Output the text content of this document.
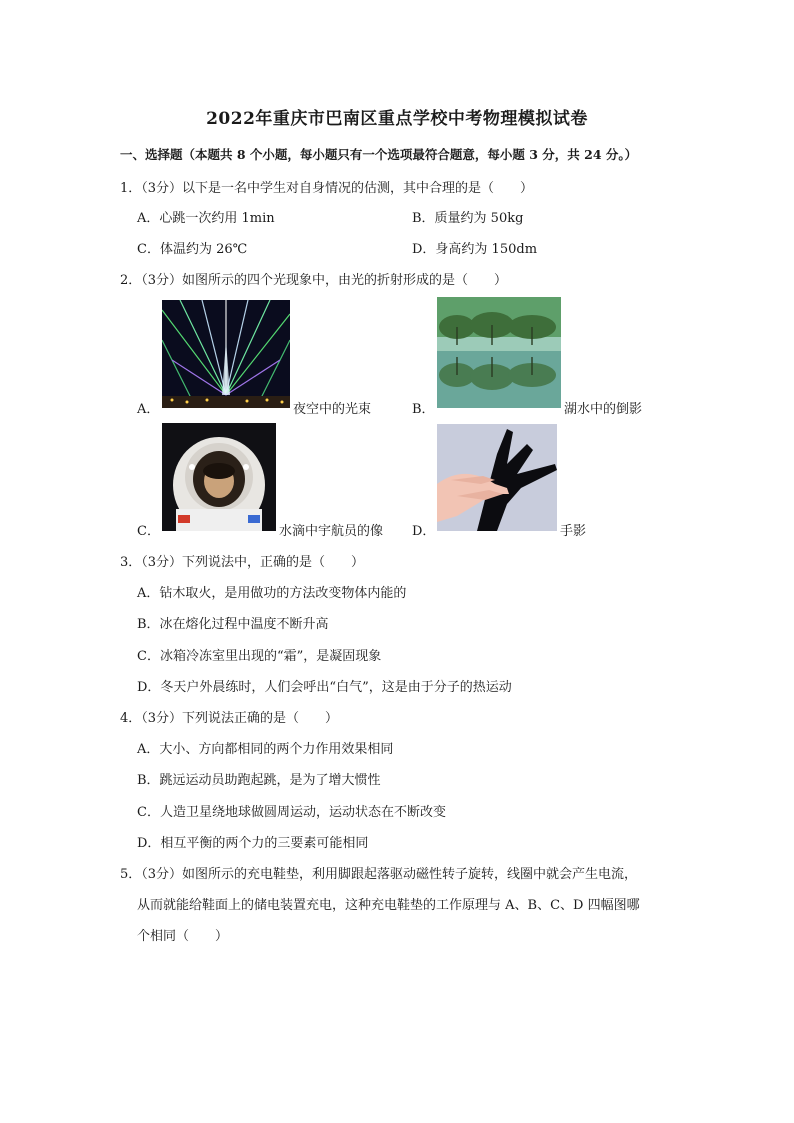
2022年重庆市巴南区重点学校中考物理模拟试卷
一、选择题（本题共 8 个小题，每小题只有一个选项最符合题意，每小题 3 分，共 24 分。）
1．（3分）以下是一名中学生对自身情况的估测，其中合理的是（　　）
A．心跳一次约用 1min	B．质量约为 50kg
C．体温约为 26℃	D．身高约为 150dm
2．（3分）如图所示的四个光现象中，由光的折射形成的是（　　）
A．	夜空中的光束	B．	湖水中的倒影
C．	水滴中宇航员的像 D．	手影
3．（3分）下列说法中，正确的是（　　）
A．钻木取火，是用做功的方法改变物体内能的
B．冰在熔化过程中温度不断升高
C．冰箱冷冻室里出现的“霜”，是凝固现象
D．冬天户外晨练时，人们会呼出“白气”，这是由于分子的热运动
4．（3分）下列说法正确的是（　　）
A．大小、方向都相同的两个力作用效果相同
B．跳远运动员助跑起跳，是为了增大惯性
C．人造卫星绕地球做圆周运动，运动状态在不断改变
D．相互平衡的两个力的三要素可能相同
5．（3分）如图所示的充电鞋垫，利用脚跟起落驱动磁性转子旋转，线圈中就会产生电流，
从而就能给鞋面上的储电装置充电，这种充电鞋垫的工作原理与 A、B、C、D 四幅图哪
个相同（　　）
